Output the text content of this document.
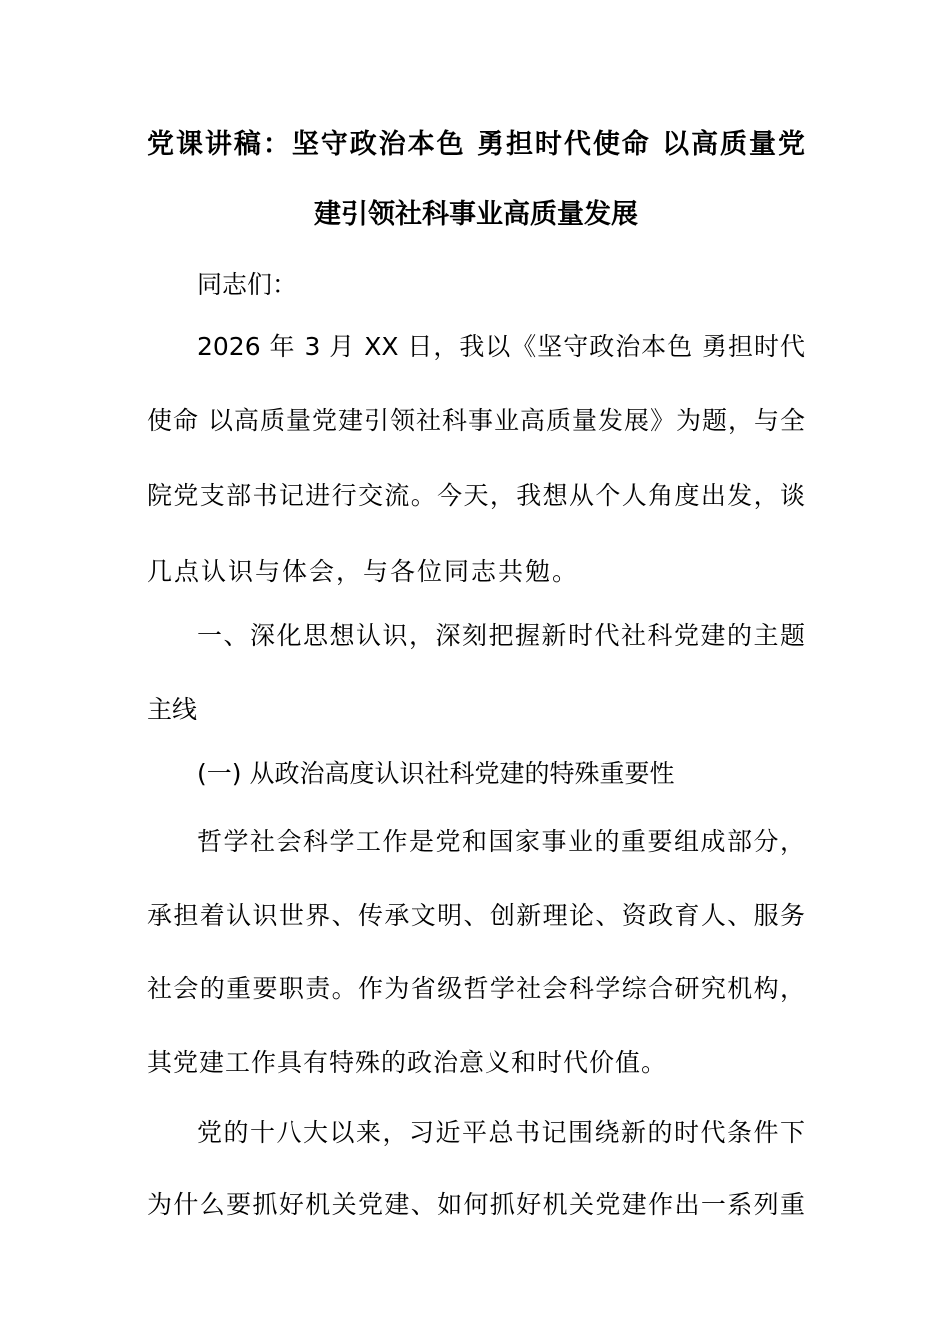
党课讲稿：坚守政治本色 勇担时代使命 以高质量党
建引领社科事业高质量发展
同志们：
2026 年 3 月 XX 日，我以《坚守政治本色 勇担时代
使命 以高质量党建引领社科事业高质量发展》为题，与全
院党支部书记进行交流。今天，我想从个人角度出发，谈
几点认识与体会，与各位同志共勉。
一、深化思想认识，深刻把握新时代社科党建的主题
主线
(一) 从政治高度认识社科党建的特殊重要性
哲学社会科学工作是党和国家事业的重要组成部分，
承担着认识世界、传承文明、创新理论、资政育人、服务
社会的重要职责。作为省级哲学社会科学综合研究机构，
其党建工作具有特殊的政治意义和时代价值。
党的十八大以来，习近平总书记围绕新的时代条件下
为什么要抓好机关党建、如何抓好机关党建作出一系列重
